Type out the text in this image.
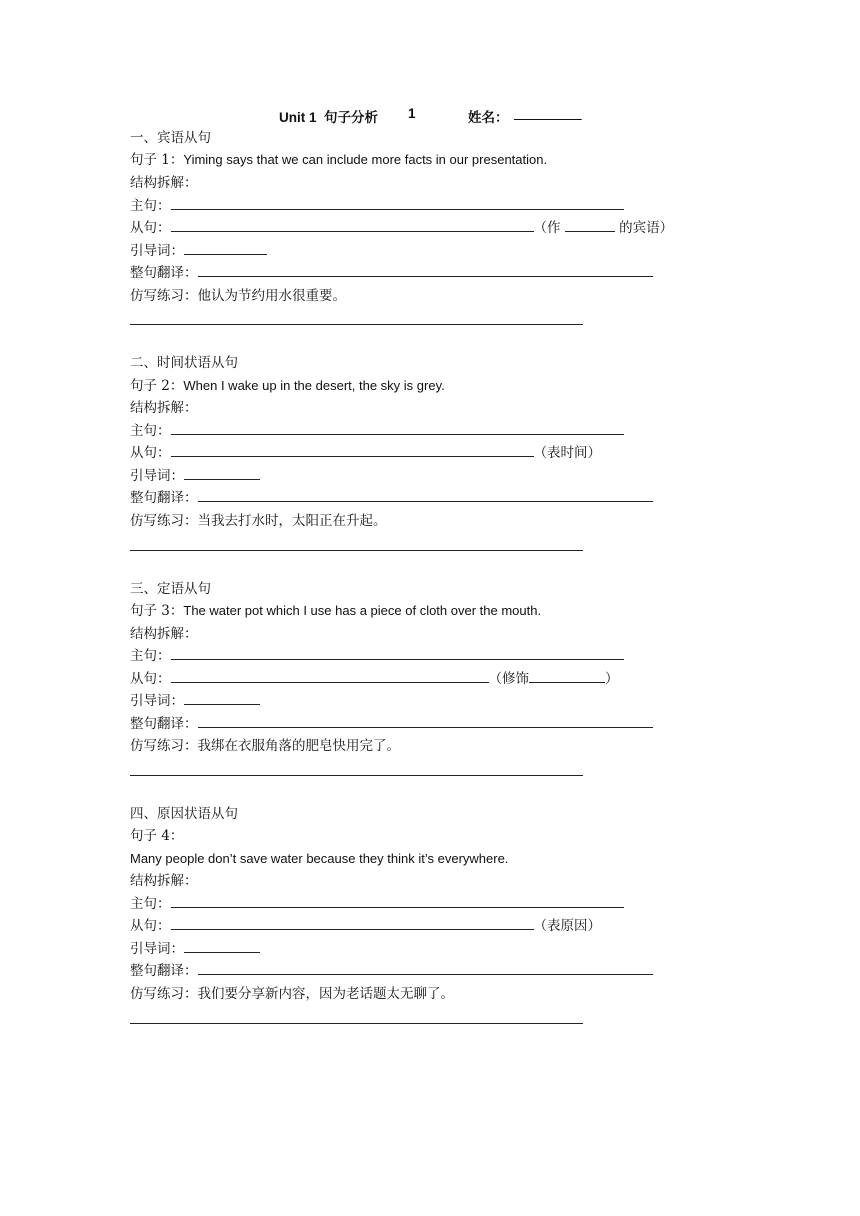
Unit 1  句子分析 1	姓名： _________
一、宾语从句
句子 1：Yiming says that we can include more facts in our presentation.
结构拆解：
主句：
从句：	（作	的宾语）
引导词：
整句翻译：
仿写练习：他认为节约用水很重要。
二、时间状语从句
句子 2：When I wake up in the desert, the sky is grey.
结构拆解：
主句：
从句：	（表时间）
引导词：
整句翻译：
仿写练习：当我去打水时，太阳正在升起。
三、定语从句
句子 3：The water pot which I use has a piece of cloth over the mouth.
结构拆解：
主句：
从句：	（修饰	）
引导词：
整句翻译：
仿写练习：我绑在衣服角落的肥皂快用完了。
四、原因状语从句
句子 4：
Many people don’t save water because they think it’s everywhere.
结构拆解：
主句：
从句：	（表原因）
引导词：
整句翻译：
仿写练习：我们要分享新内容，因为老话题太无聊了。
